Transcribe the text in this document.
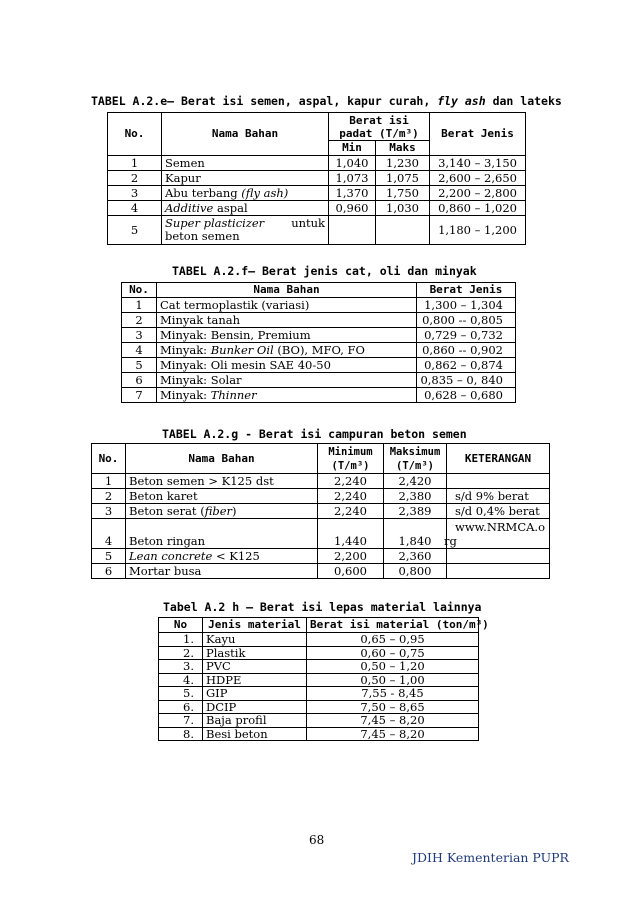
TABEL A.2.e– Berat isi semen, aspal, kapur curah, fly ash dan lateks
No.	Nama Bahan	Berat isi padat (T/m³)		Berat Jenis
		Min	Maks	
1	Semen	1,040	1,230	3,140 – 3,150
2	Kapur	1,073	1,075	2,600 – 2,650
3	Abu terbang (fly ash)	1,370	1,750	2,200 – 2,800
4	Additive aspal	0,960	1,030	0,860 – 1,020
5	Super plasticizer untuk
beton semen			1,180 – 1,200
TABEL A.2.f– Berat jenis cat, oli dan minyak
No.	Nama Bahan	Berat Jenis
1	Cat termoplastik (variasi)	1,300 – 1,304
2	Minyak tanah	0,800 -- 0,805
3	Minyak: Bensin, Premium	0,729 – 0,732
4	Minyak: Bunker Oil (BO), MFO, FO	0,860 -- 0,902
5	Minyak: Oli mesin SAE 40-50	0,862 – 0,874
6	Minyak: Solar	0,835 – 0, 840
7	Minyak: Thinner	0,628 – 0,680
TABEL A.2.g - Berat isi campuran beton semen
No.	Nama Bahan	Minimum (T/m³)	Maksimum (T/m³)	KETERANGAN
1	Beton semen > K125 dst	2,240	2,420	
2	Beton karet	2,240	2,380	s/d 9% berat
3	Beton serat (fiber)	2,240	2,389	s/d 0,4% berat
4	Beton ringan	1,440	1,840	www.NRMCA.o
rg

5	Lean concrete < K125	2,200	2,360	
6	Mortar busa	0,600	0,800	
Tabel A.2 h – Berat isi lepas material lainnya
No	Jenis material	Berat isi material (ton/m³)
1.	Kayu	0,65 – 0,95
2.	Plastik	0,60 – 0,75
3.	PVC	0,50 – 1,20
4.	HDPE	0,50 – 1,00
5.	GIP	7,55 - 8,45
6.	DCIP	7,50 – 8,65
7.	Baja profil	7,45 – 8,20
8.	Besi beton	7,45 – 8,20
68
JDIH Kementerian PUPR
